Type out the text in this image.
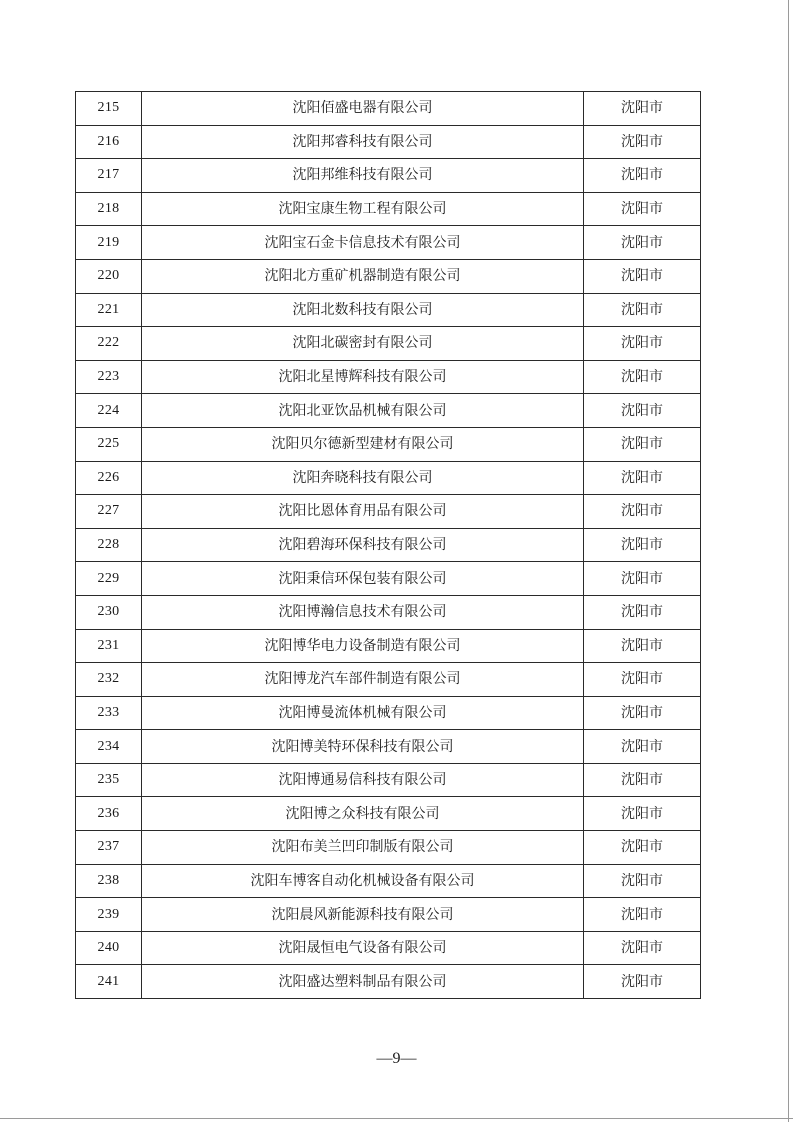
215	沈阳佰盛电器有限公司	沈阳市
216	沈阳邦睿科技有限公司	沈阳市
217	沈阳邦维科技有限公司	沈阳市
218	沈阳宝康生物工程有限公司	沈阳市
219	沈阳宝石金卡信息技术有限公司	沈阳市
220	沈阳北方重矿机器制造有限公司	沈阳市
221	沈阳北数科技有限公司	沈阳市
222	沈阳北碳密封有限公司	沈阳市
223	沈阳北星博辉科技有限公司	沈阳市
224	沈阳北亚饮品机械有限公司	沈阳市
225	沈阳贝尔德新型建材有限公司	沈阳市
226	沈阳奔晓科技有限公司	沈阳市
227	沈阳比恩体育用品有限公司	沈阳市
228	沈阳碧海环保科技有限公司	沈阳市
229	沈阳秉信环保包装有限公司	沈阳市
230	沈阳博瀚信息技术有限公司	沈阳市
231	沈阳博华电力设备制造有限公司	沈阳市
232	沈阳博龙汽车部件制造有限公司	沈阳市
233	沈阳博曼流体机械有限公司	沈阳市
234	沈阳博美特环保科技有限公司	沈阳市
235	沈阳博通易信科技有限公司	沈阳市
236	沈阳博之众科技有限公司	沈阳市
237	沈阳布美兰凹印制版有限公司	沈阳市
238	沈阳车博客自动化机械设备有限公司	沈阳市
239	沈阳晨风新能源科技有限公司	沈阳市
240	沈阳晟恒电气设备有限公司	沈阳市
241	沈阳盛达塑料制品有限公司	沈阳市
—9—
